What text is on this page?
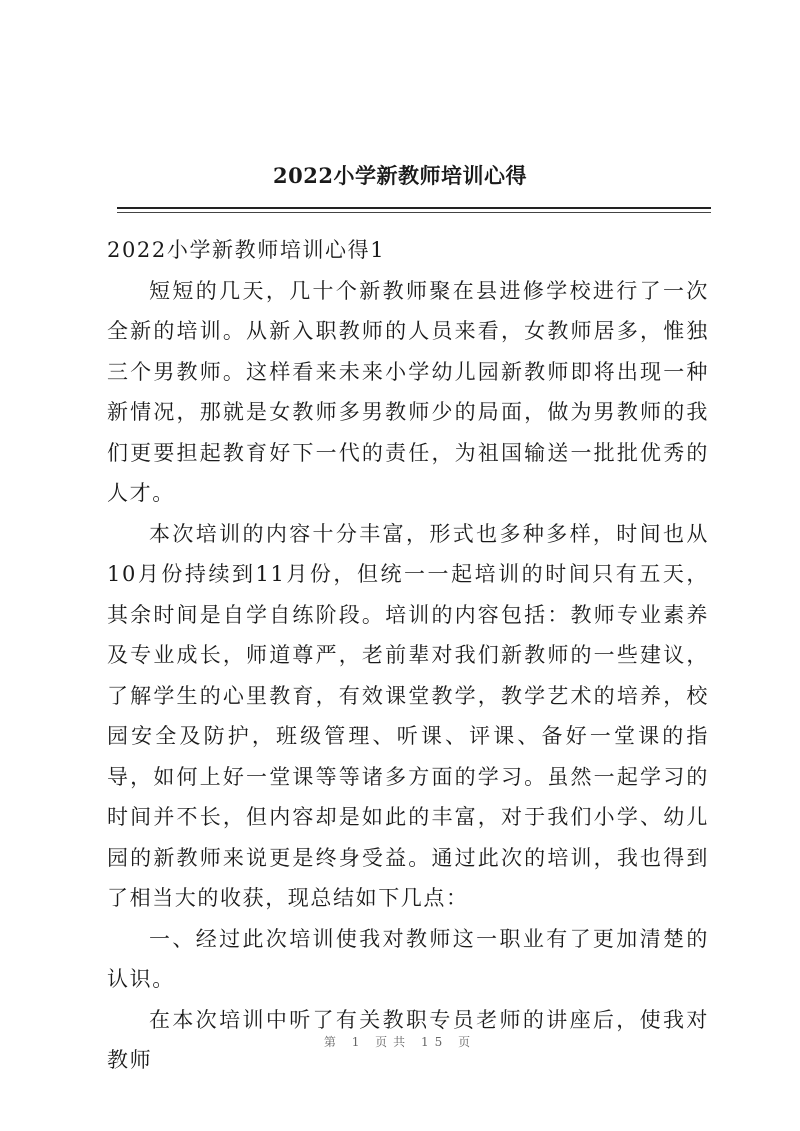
2022小学新教师培训心得

2022小学新教师培训心得1

短短的几天，几十个新教师聚在县进修学校进行了一次全新的培训。从新入职教师的人员来看，女教师居多，惟独三个男教师。这样看来未来小学幼儿园新教师即将出现一种新情况，那就是女教师多男教师少的局面，做为男教师的我们更要担起教育好下一代的责任，为祖国输送一批批优秀的人才。

本次培训的内容十分丰富，形式也多种多样，时间也从10月份持续到11月份，但统一一起培训的时间只有五天，其余时间是自学自练阶段。培训的内容包括：教师专业素养及专业成长，师道尊严，老前辈对我们新教师的一些建议，了解学生的心里教育，有效课堂教学，教学艺术的培养，校园安全及防护，班级管理、听课、评课、备好一堂课的指导，如何上好一堂课等等诸多方面的学习。虽然一起学习的时间并不长，但内容却是如此的丰富，对于我们小学、幼儿园的新教师来说更是终身受益。通过此次的培训，我也得到了相当大的收获，现总结如下几点：

一、经过此次培训使我对教师这一职业有了更加清楚的认识。

在本次培训中听了有关教职专员老师的讲座后，使我对教师

第 1 页共 15 页
